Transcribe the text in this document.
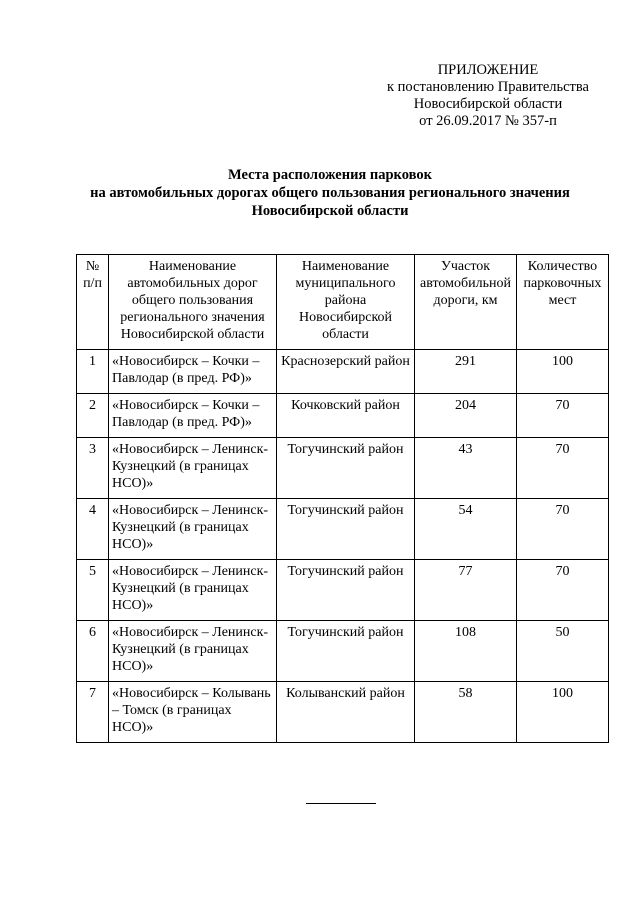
ПРИЛОЖЕНИЕ
к постановлению Правительства
Новосибирской области
от 26.09.2017 № 357-п
Места расположения парковок
на автомобильных дорогах общего пользования регионального значения
Новосибирской области
№ п/п	Наименование автомобильных дорог общего пользования регионального значения Новосибирской области	Наименование муниципального района Новосибирской области	Участок автомобильной дороги, км	Количество парковочных мест
1	«Новосибирск – Кочки – Павлодар (в пред. РФ)»	Краснозерский район	291	100
2	«Новосибирск – Кочки – Павлодар (в пред. РФ)»	Кочковский район	204	70
3	«Новосибирск – Ленинск-Кузнецкий (в границах НСО)»	Тогучинский район	43	70
4	«Новосибирск – Ленинск-Кузнецкий (в границах НСО)»	Тогучинский район	54	70
5	«Новосибирск – Ленинск-Кузнецкий (в границах НСО)»	Тогучинский район	77	70
6	«Новосибирск – Ленинск-Кузнецкий (в границах НСО)»	Тогучинский район	108	50
7	«Новосибирск – Колывань – Томск (в границах НСО)»	Колыванский район	58	100
